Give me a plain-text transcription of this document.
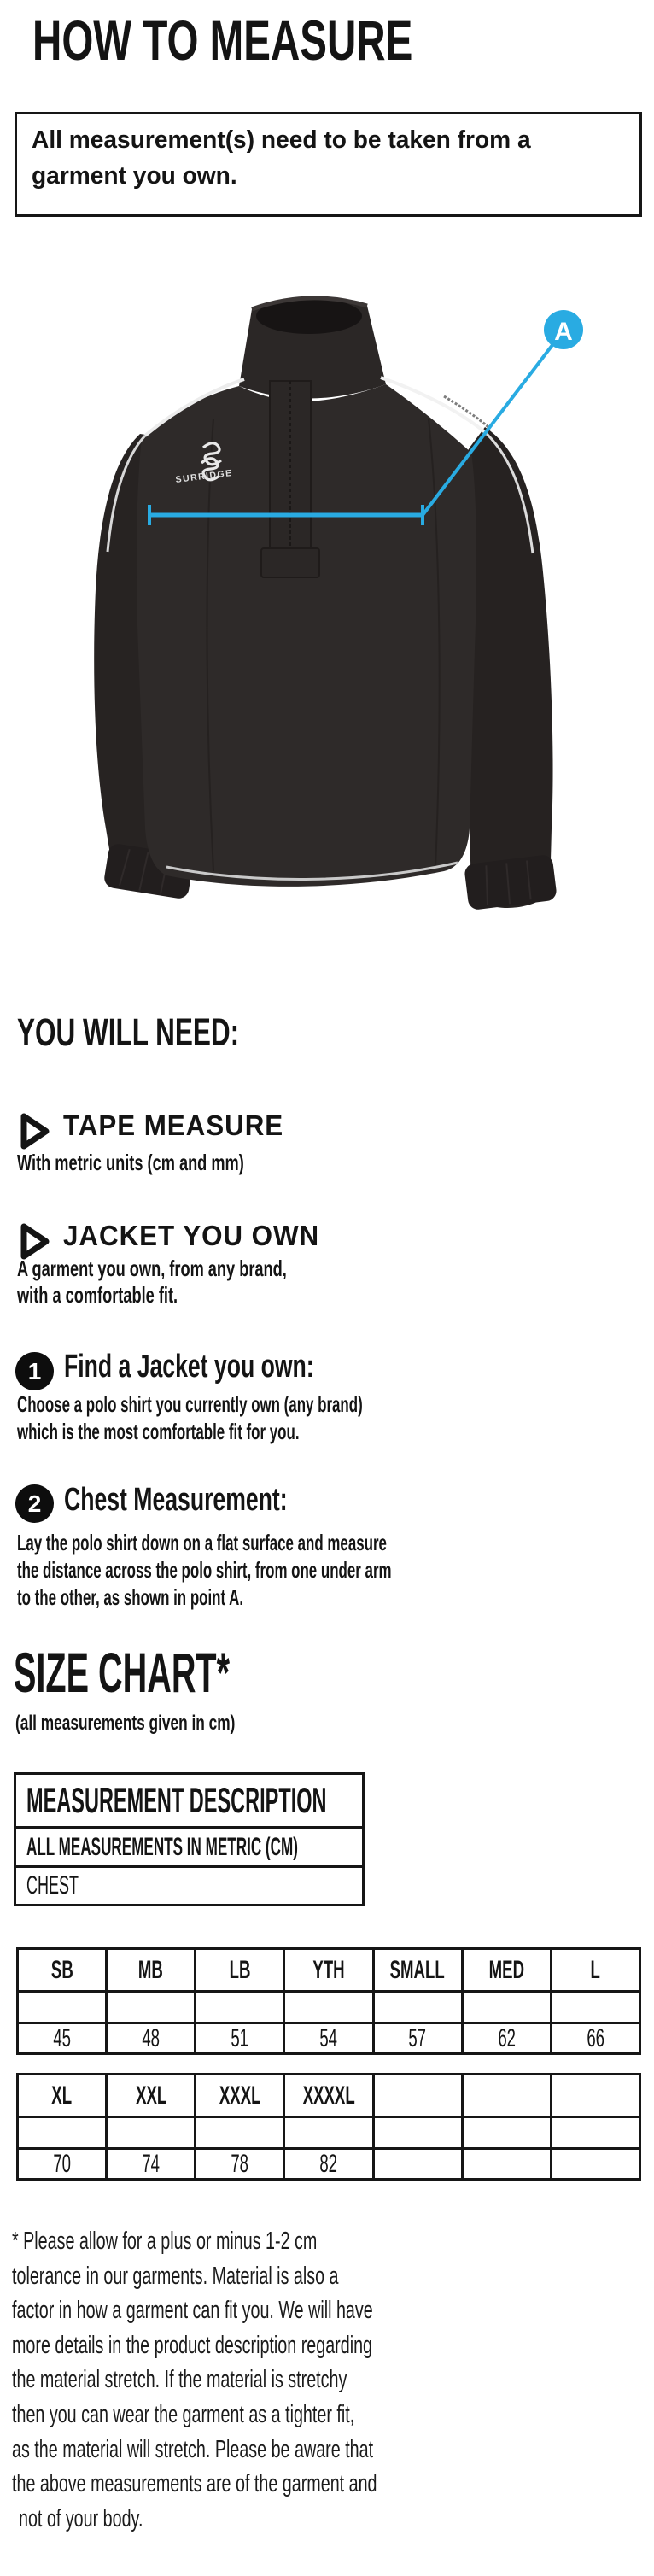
HOW TO MEASURE
All measurement(s) need to be taken from a
garment you own.
SURRIDGE
A
YOU WILL NEED:
TAPE MEASURE
With metric units (cm and mm)
JACKET YOU OWN
A garment you own, from any brand,
with a comfortable fit.
1 Find a Jacket you own:
Choose a polo shirt you currently own (any brand)
which is the most comfortable fit for you.
2 Chest Measurement:
Lay the polo shirt down on a flat surface and measure
the distance across the polo shirt, from one under arm
to the other, as shown in point A.
SIZE CHART*
(all measurements given in cm)
MEASUREMENT DESCRIPTION
ALL MEASUREMENTS IN METRIC (CM)
CHEST
SB	MB	LB YTH SMALL MED	L
45	48	51	54	57	62	66
XL XXL XXXL XXXXL
70	74	78	82
* Please allow for a plus or minus 1-2 cm
tolerance in our garments. Material is also a
factor in how a garment can fit you. We will have
more details in the product description regarding
the material stretch. If the material is stretchy
then you can wear the garment as a tighter fit,
as the material will stretch. Please be aware that
the above measurements are of the garment and
not of your body.
